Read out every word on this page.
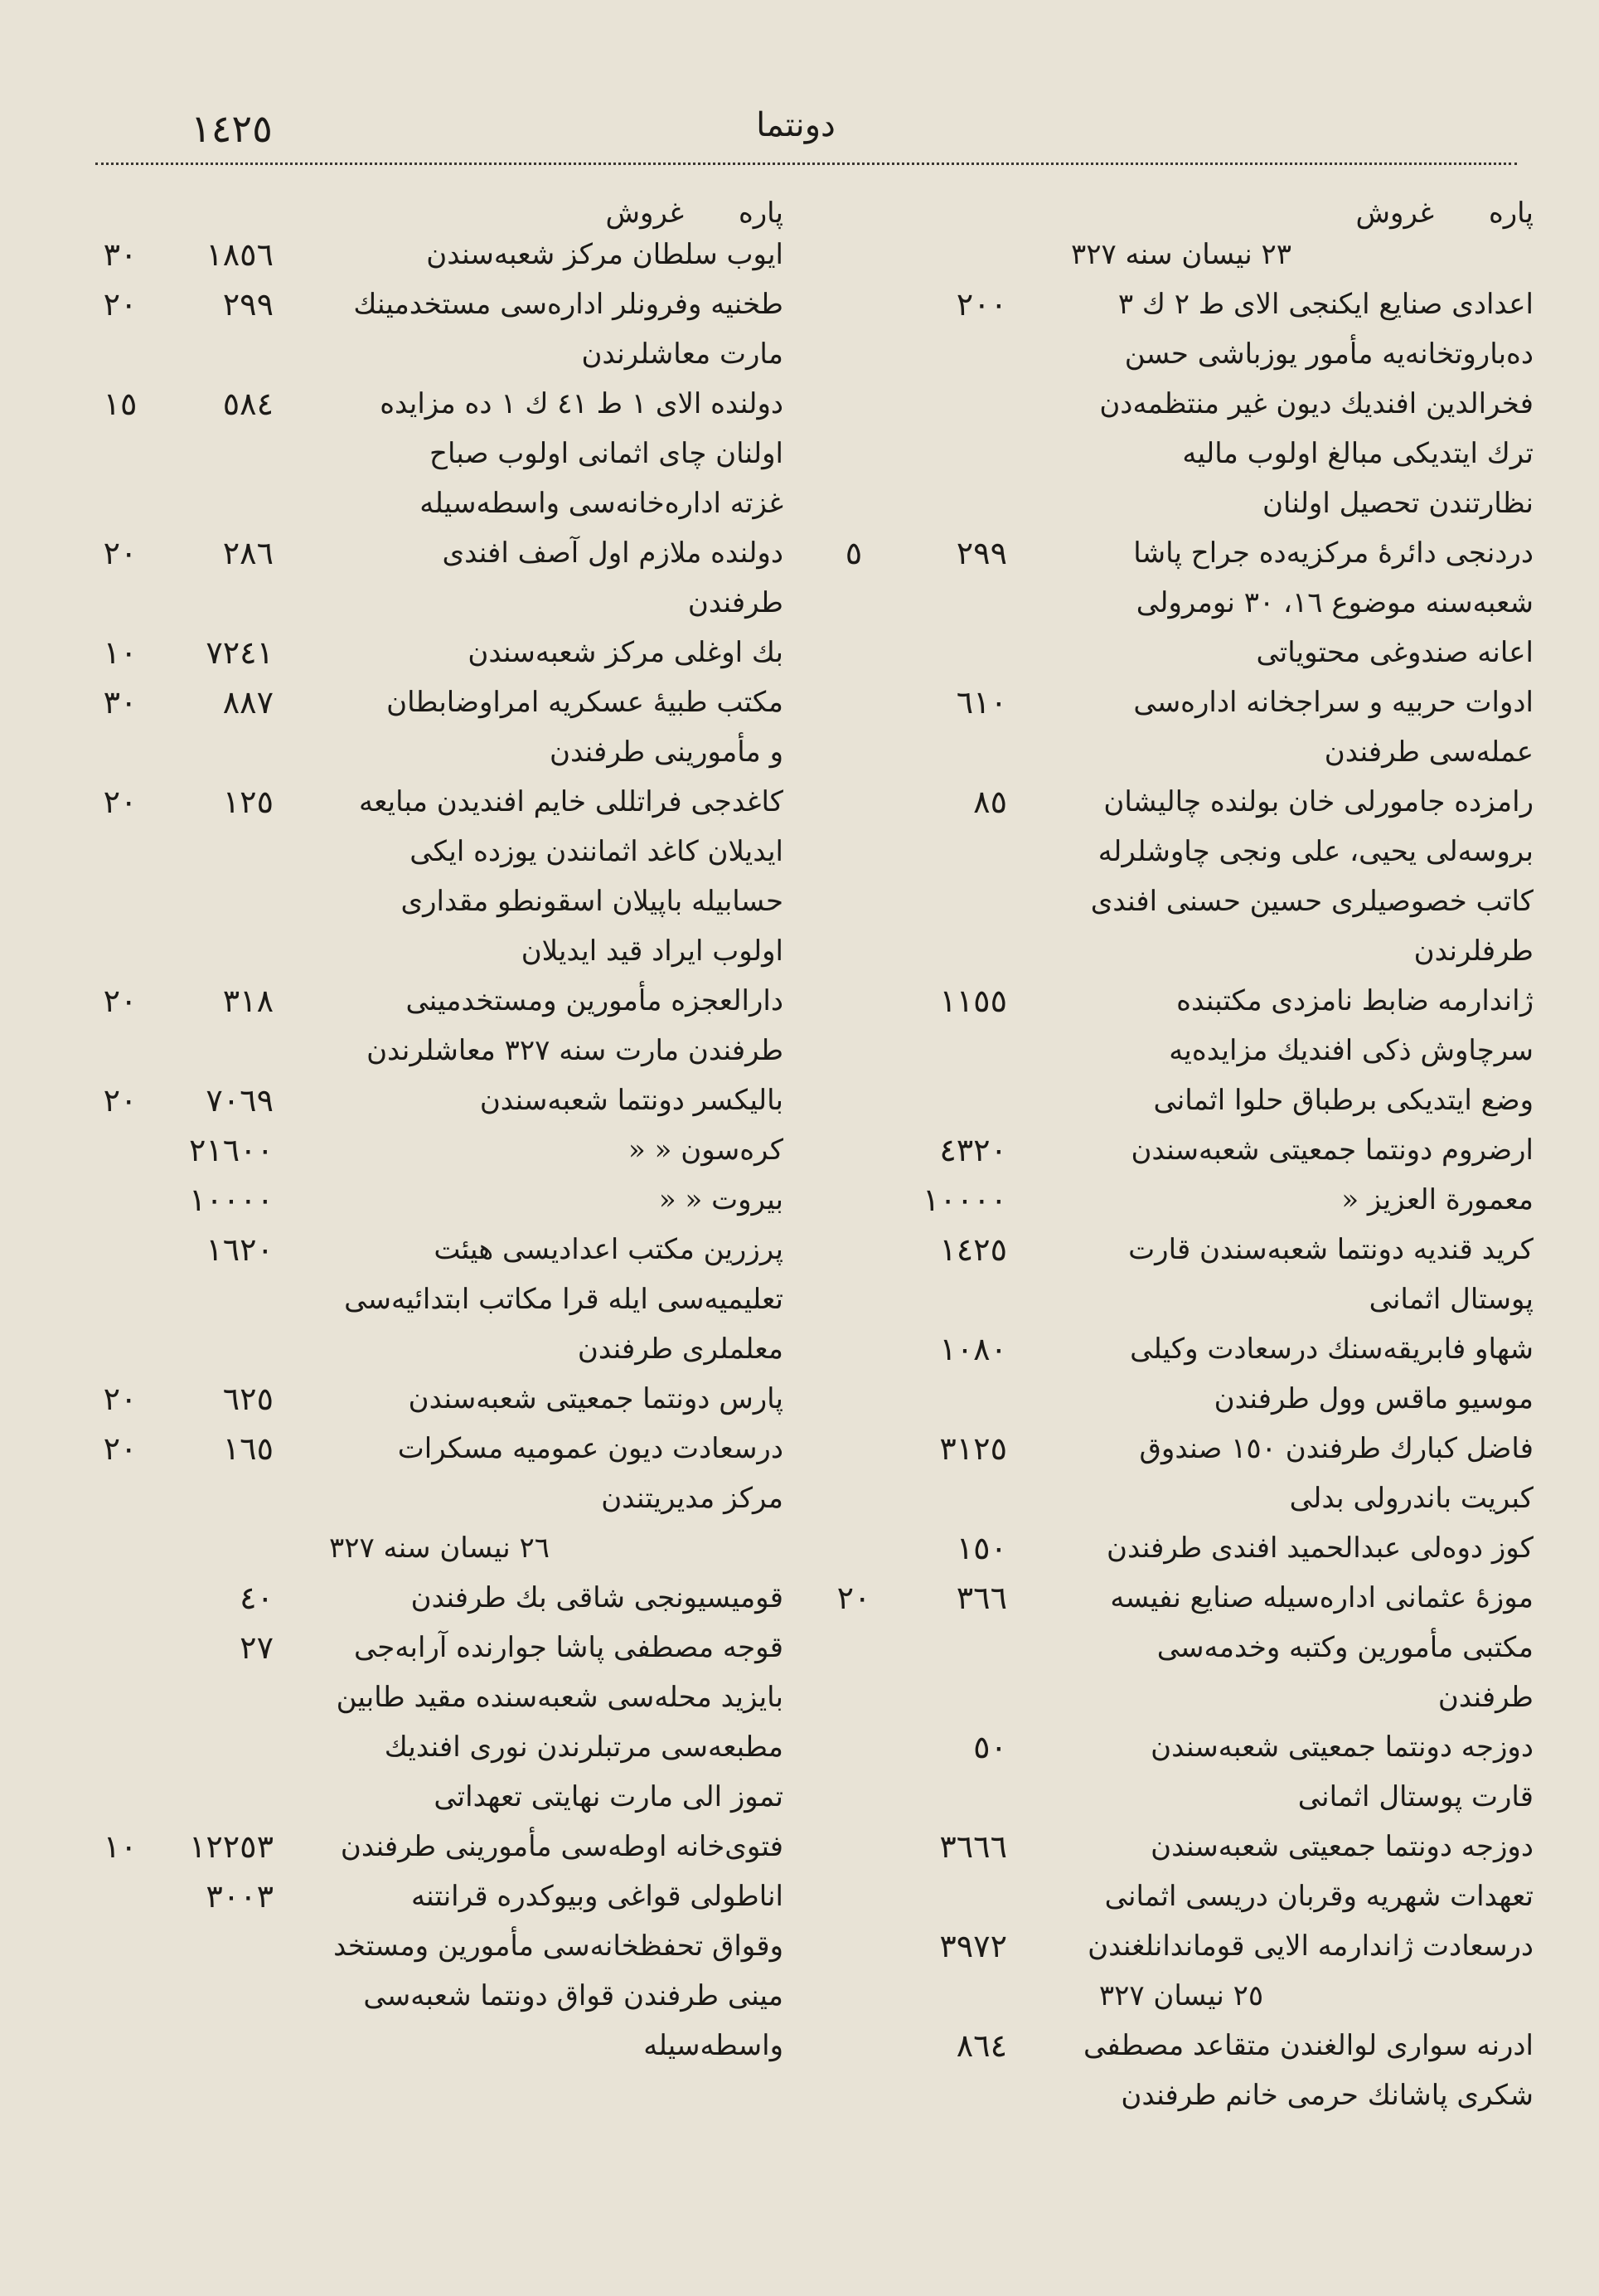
١٤٢٥	دونتما
پاره
غروش
٢٣ نيسان سنه ٣٢٧
اعدادی صنايع ايكنجی الای ط ٢ ك ٣
ده‌باروتخانه‌يه مأمور يوزباشی حسن
فخرالدين افنديك ديون غير منتظمه‌دن
ترك ايتديكی مبالغ اولوب ماليه
نظارتندن تحصيل اولنان
٢٠٠
دردنجی دائرهٔ مركزيه‌ده جراح پاشا
شعبه‌سنه موضوع ١٦، ٣٠ نومرولی
اعانه صندوغی محتوياتی
٢٩٩
٥
ادوات حربيه و سراجخانه اداره‌سی
عمله‌سی طرفندن
٦١٠
رامزده جامورلی خان بولنده چاليشان
بروسه‌لی يحيی، علی ونجی چاوشلرله
كاتب خصوصيلری حسين حسنی افندی
طرفلرندن
٨٥
ژاندارمه ضابط نامزدی مكتبنده
سرچاوش ذكی افنديك مزايده‌يه
وضع ايتديكی برطباق حلوا اثمانی
١١٥٥
ارضروم دونتما جمعيتی شعبه‌سندن
٤٣٢٠
معمورة العزيز «
١٠٠٠٠
كريد قنديه دونتما شعبه‌سندن قارت
پوستال اثمانی
١٤٢٥
شهاو فابريقه‌سنك درسعادت وكيلی
موسيو ماقس وول طرفندن
١٠٨٠
فاضل كبارك طرفندن ١٥٠ صندوق
كبريت باندرولی بدلی
٣١٢٥
كوز دوه‌لی عبدالحميد افندی طرفندن
١٥٠
موزهٔ عثمانی اداره‌سيله صنايع نفيسه
مكتبی مأمورين وكتبه وخدمه‌سی
طرفندن
٣٦٦
٢٠
دوزجه دونتما جمعيتی شعبه‌سندن
قارت پوستال اثمانی
٥٠
دوزجه دونتما جمعيتی شعبه‌سندن
تعهدات شهريه وقربان دريسی اثمانی
٣٦٦٦
درسعادت ژاندارمه الايی قوماندانلغندن
٣٩٧٢
٢٥ نيسان ٣٢٧
ادرنه سواری لوالغندن متقاعد مصطفی
شكری پاشانك حرمی خانم طرفندن
٨٦٤
پاره
غروش
ايوب سلطان مركز شعبه‌سندن
١٨٥٦
٣٠
طخنيه وفرونلر اداره‌سی مستخدمينك
مارت معاشلرندن
٢٩٩
٢٠
دولنده الای ١ ط ٤١ ك ١ ده مزايده
اولنان چای اثمانی اولوب صباح
غزته اداره‌خانه‌سی واسطه‌سيله
٥٨٤
١٥
دولنده ملازم اول آصف افندی
طرفندن
٢٨٦
٢٠
بك اوغلی مركز شعبه‌سندن
٧٢٤١
١٠
مكتب طبيهٔ عسكريه امراوضابطان
و مأمورينی طرفندن
٨٨٧
٣٠
كاغدجی فراتللی خايم افنديدن مبايعه
ايديلان كاغد اثمانندن يوزده ايكی
حسابيله باپيلان اسقونطو مقداری
اولوب ايراد قيد ايديلان
١٢٥
٢٠
دارالعجزه مأمورين ومستخدمينی
طرفندن مارت سنه ٣٢٧ معاشلرندن
٣١٨
٢٠
باليكسر دونتما شعبه‌سندن
٧٠٦٩
٢٠
كره‌سون « «
٢١٦٠٠
بيروت « «
١٠٠٠٠
پرزرين مكتب اعداديسی هيئت
تعليميه‌سی ايله قرا مكاتب ابتدائيه‌سی
معلملری طرفندن
١٦٢٠
پارس دونتما جمعيتی شعبه‌سندن
٦٢٥
٢٠
درسعادت ديون عموميه مسكرات
مركز مديريتندن
١٦٥
٢٠
٢٦ نيسان سنه ٣٢٧
قوميسيونجی شاقی بك طرفندن
٤٠
قوجه مصطفی پاشا جوارنده آرابه‌جی
بايزيد محله‌سی شعبه‌سنده مقيد طابين
مطبعه‌سی مرتبلرندن نوری افنديك
تموز الی مارت نهايتی تعهداتی
٢٧
فتوی‌خانه اوطه‌سی مأمورينی طرفندن
١٢٢٥٣
١٠
اناطولی قواغی وبيوكدره قرانتنه
وقواق تحفظخانه‌سی مأمورين ومستخد
مينی طرفندن قواق دونتما شعبه‌سی
واسطه‌سيله
٣٠٠٣
